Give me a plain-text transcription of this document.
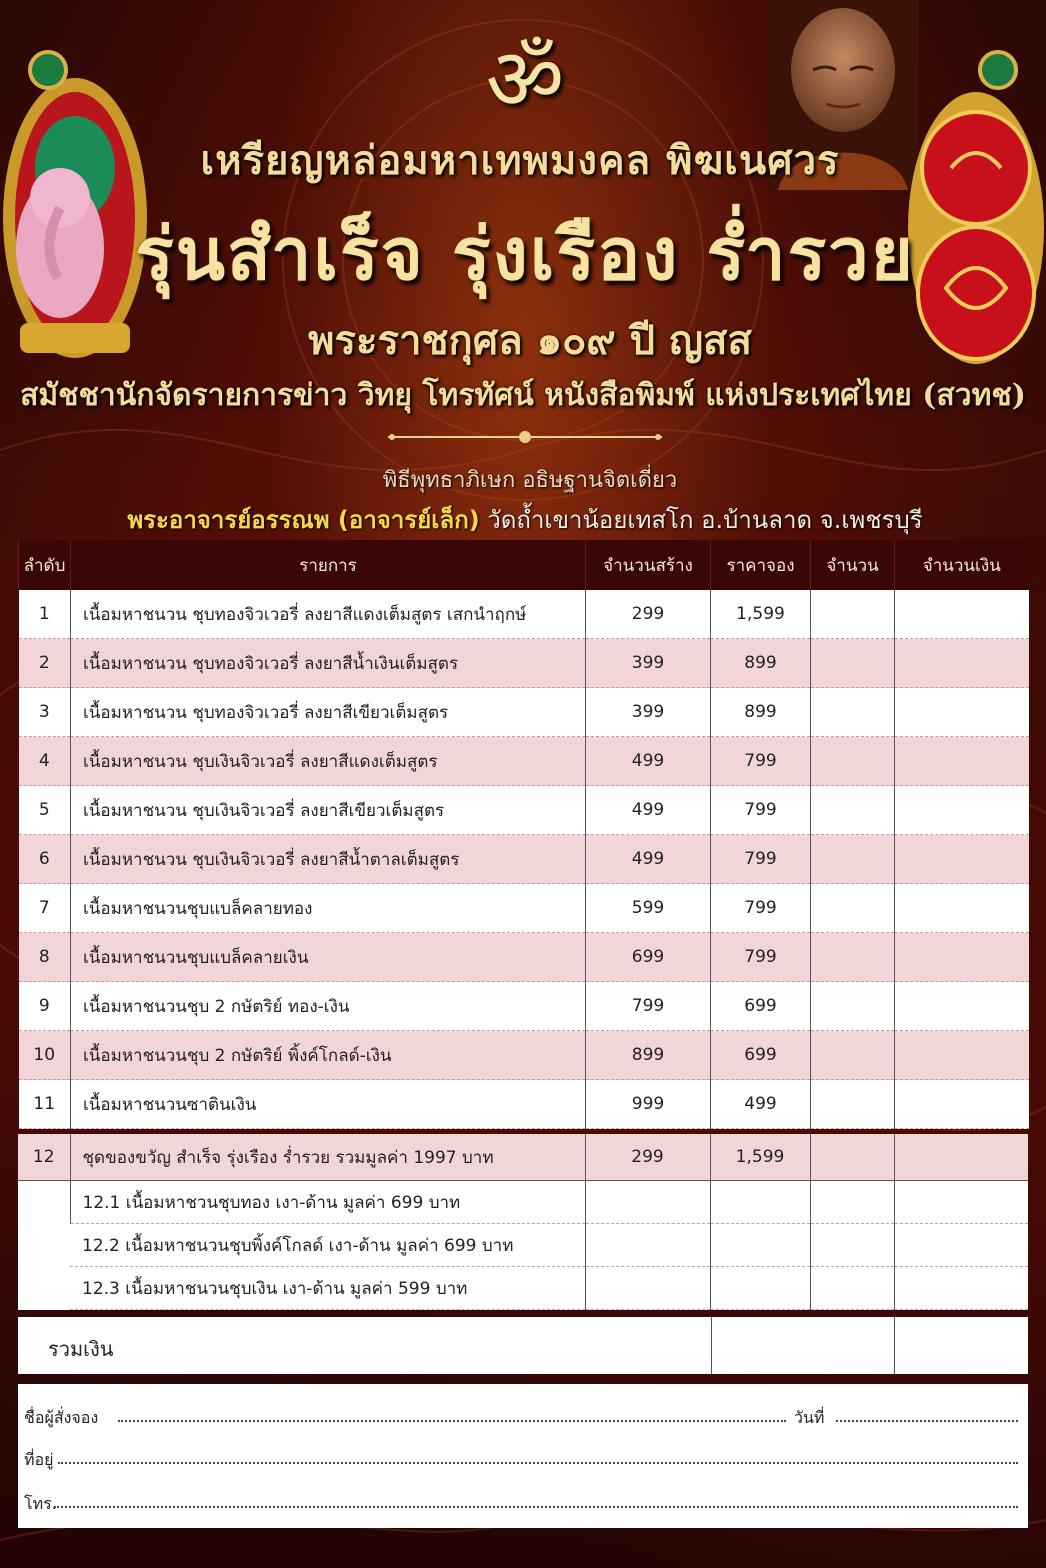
ॐ
เหรียญหล่อมหาเทพมงคล พิฆเนศวร
รุ่นสำเร็จ รุ่งเรือง ร่ำรวย
พระราชกุศล ๑๐๙ ปี ญสส
สมัชชานักจัดรายการข่าว วิทยุ โทรทัศน์ หนังสือพิมพ์ แห่งประเทศไทย (สวทช)
พิธีพุทธาภิเษก อธิษฐานจิตเดี่ยว
พระอาจารย์อรรณพ (อาจารย์เล็ก) วัดถ้ำเขาน้อยเทสโก อ.บ้านลาด จ.เพชรบุรี
ลำดับ	รายการ	จำนวนสร้าง	ราคาจอง	จำนวน	จำนวนเงิน
1	เนื้อมหาชนวน ชุบทองจิวเวอรี่ ลงยาสีแดงเต็มสูตร เสกนำฤกษ์	299	1,599		
2	เนื้อมหาชนวน ชุบทองจิวเวอรี่ ลงยาสีน้ำเงินเต็มสูตร	399	899		
3	เนื้อมหาชนวน ชุบทองจิวเวอรี่ ลงยาสีเขียวเต็มสูตร	399	899		
4	เนื้อมหาชนวน ชุบเงินจิวเวอรี่ ลงยาสีแดงเต็มสูตร	499	799		
5	เนื้อมหาชนวน ชุบเงินจิวเวอรี่ ลงยาสีเขียวเต็มสูตร	499	799		
6	เนื้อมหาชนวน ชุบเงินจิวเวอรี่ ลงยาสีน้ำตาลเต็มสูตร	499	799		
7	เนื้อมหาชนวนชุบแบล็คลายทอง	599	799		
8	เนื้อมหาชนวนชุบแบล็คลายเงิน	699	799		
9	เนื้อมหาชนวนชุบ 2 กษัตริย์ ทอง-เงิน	799	699		
10	เนื้อมหาชนวนชุบ 2 กษัตริย์ พิ้งค์โกลด์-เงิน	899	699		
11	เนื้อมหาชนวนซาตินเงิน	999	499		
12	ชุดของขวัญ สำเร็จ รุ่งเรือง ร่ำรวย รวมมูลค่า 1997 บาท	299	1,599		
	12.1 เนื้อมหาชวนชุบทอง เงา-ด้าน มูลค่า 699 บาท				
	12.2 เนื้อมหาชนวนชุบพิ้งค์โกลด์ เงา-ด้าน มูลค่า 699 บาท				
	12.3 เนื้อมหาชนวนชุบเงิน เงา-ด้าน มูลค่า 599 บาท				
รวมเงิน
ชื่อผู้สั่งจอง	วันที่
ที่อยู่
โทร.
